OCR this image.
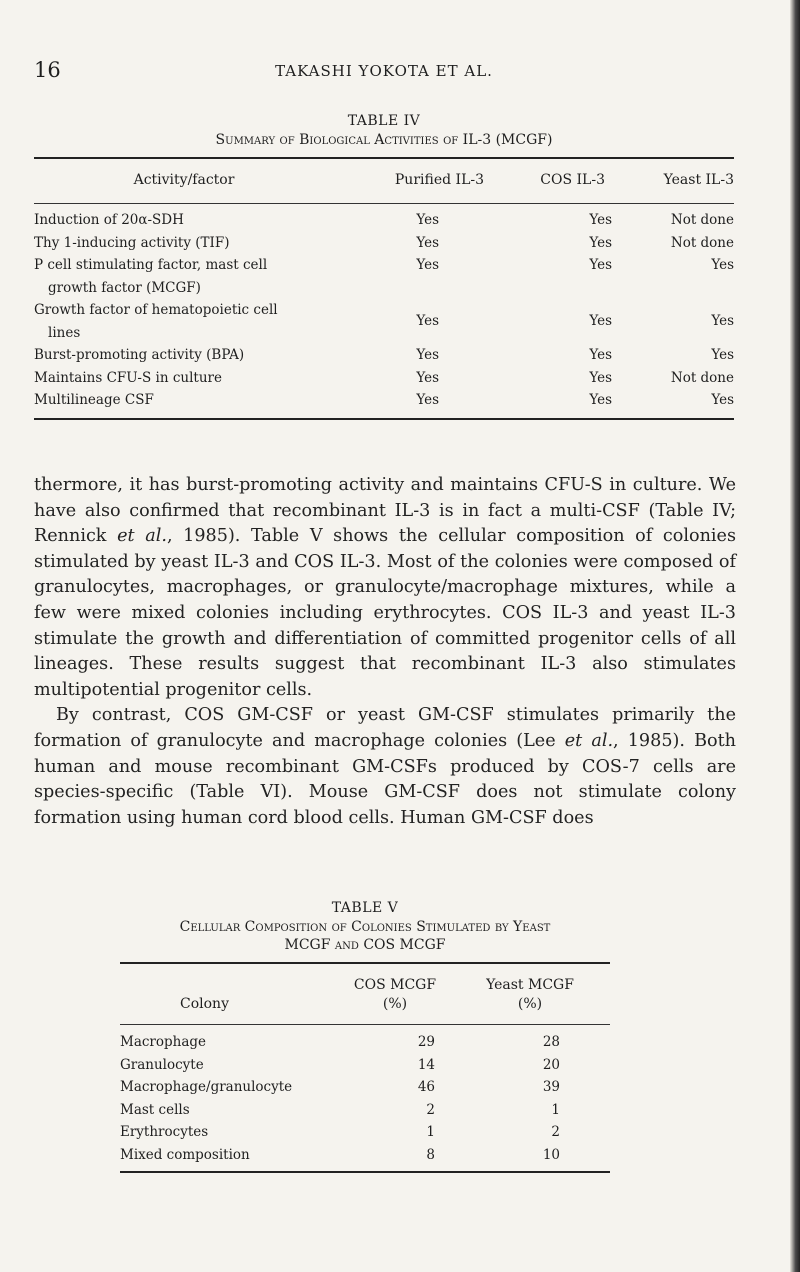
16	TAKASHI YOKOTA ET AL.
TABLE IV
Summary of Biological Activities of IL-3 (MCGF)
Activity/factor	Purified IL-3	COS IL-3	Yeast IL-3
Induction of 20α-SDH	Yes	Yes	Not done
Thy 1-inducing activity (TIF)	Yes	Yes	Not done

P cell stimulating factor, mast cell
growth factor (MCGF)	Yes	Yes	Yes

Growth factor of hematopoietic cell
lines	Yes	Yes	Yes
Burst-promoting activity (BPA)	Yes	Yes	Yes
Maintains CFU-S in culture	Yes	Yes	Not done
Multilineage CSF	Yes	Yes	Yes

thermore, it has burst-promoting activity and maintains CFU-S in culture. We have also confirmed that recombinant IL-3 is in fact a multi-CSF (Table IV; Rennick et al., 1985). Table V shows the cellular composition of colonies stimulated by yeast IL-3 and COS IL-3. Most of the colonies were composed of granulocytes, macrophages, or granulocyte/macrophage mixtures, while a few were mixed colonies including erythrocytes. COS IL-3 and yeast IL-3 stimulate the growth and differentiation of committed progenitor cells of all lineages. These results suggest that recombinant IL-3 also stimulates multipotential progenitor cells.

By contrast, COS GM-CSF or yeast GM-CSF stimulates primarily the formation of granulocyte and macrophage colonies (Lee et al., 1985). Both human and mouse recombinant GM-CSFs produced by COS-7 cells are species-specific (Table VI). Mouse GM-CSF does not stimulate colony formation using human cord blood cells. Human GM-CSF does

TABLE V
Cellular Composition of Colonies Stimulated by Yeast
MCGF and COS MCGF
	COS MCGF	Yeast MCGF
Colony	(%)	(%)
Macrophage	29	28	
Granulocyte	14	20	
Macrophage/granulocyte	46	39	
Mast cells	2	1	
Erythrocytes	1	2	
Mixed composition	8	10	
